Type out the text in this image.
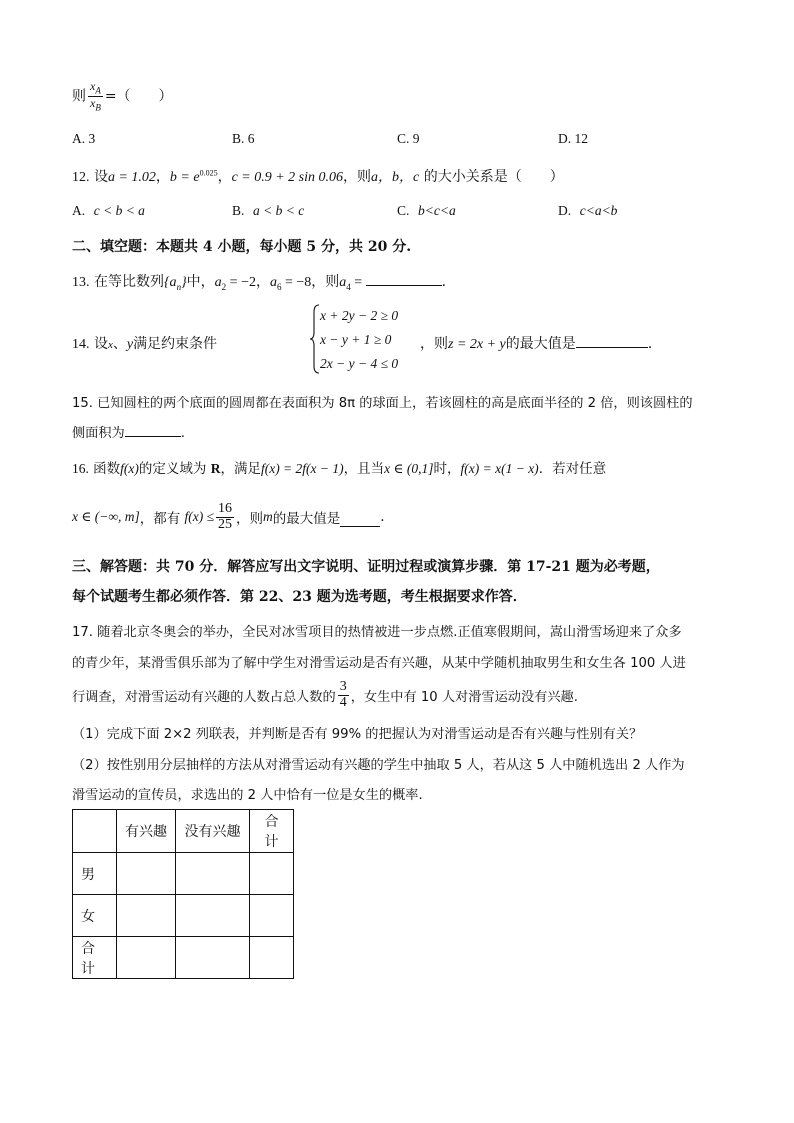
则 $\frac{x_A}{x_B}$ =（　　）
A. 3	B. 6	C. 9	D. 12
12. 设a = 1.02，$b = e^{0.025}$，c = 0.9 + 2 sin 0.06，则a，b，c 的大小关系是（　　）
A. c < b < a	B. a < b < c	C. b<c<a	D. c<a<b
二、填空题：本题共 4 小题，每小题 5 分，共 20 分.
13. 在等比数列$\{a_n\}$中，$a_2 = -2$，$a_6 = -8$，则$a_4$ =	.
14. 设x、y满足约束条件
x + 2y − 2 ≥ 0
x − y + 1 ≥ 0
2x − y − 4 ≤ 0
，则z = 2x + y的最大值是	.
15. 已知圆柱的两个底面的圆周都在表面积为 8π 的球面上，若该圆柱的高是底面半径的 2 倍，则该圆柱的
侧面积为	.
16. 函数f(x)的定义域为 R，满足f(x) = 2f(x − 1)，且当x ∈ (0,1]时，f(x) = x(1 − x)．若对任意
x ∈ (−∞, m] ，都有
$f(x) \le \frac{16}{25}$ ，则 m 的最大值是	.
三、解答题：共 70 分．解答应写出文字说明、证明过程或演算步骤．第 17-21 题为必考题，
每个试题考生都必须作答．第 22、23 题为选考题，考生根据要求作答．
17. 随着北京冬奥会的举办，全民对冰雪项目的热情被进一步点燃.正值寒假期间，嵩山滑雪场迎来了众多
的青少年，某滑雪俱乐部为了解中学生对滑雪运动是否有兴趣，从某中学随机抽取男生和女生各 100 人进
行调查，对滑雪运动有兴趣的人数占总人数的 $\frac{3}{4}$ ，女生中有 10 人对滑雪运动没有兴趣.
（1）完成下面 2×2 列联表，并判断是否有 99% 的把握认为对滑雪运动是否有兴趣与性别有关？
（2）按性别用分层抽样的方法从对滑雪运动有兴趣的学生中抽取 5 人，若从这 5 人中随机选出 2 人作为
滑雪运动的宣传员，求选出的 2 人中恰有一位是女生的概率.
	有兴趣	没有兴趣	合计
男			
女			
合计			
